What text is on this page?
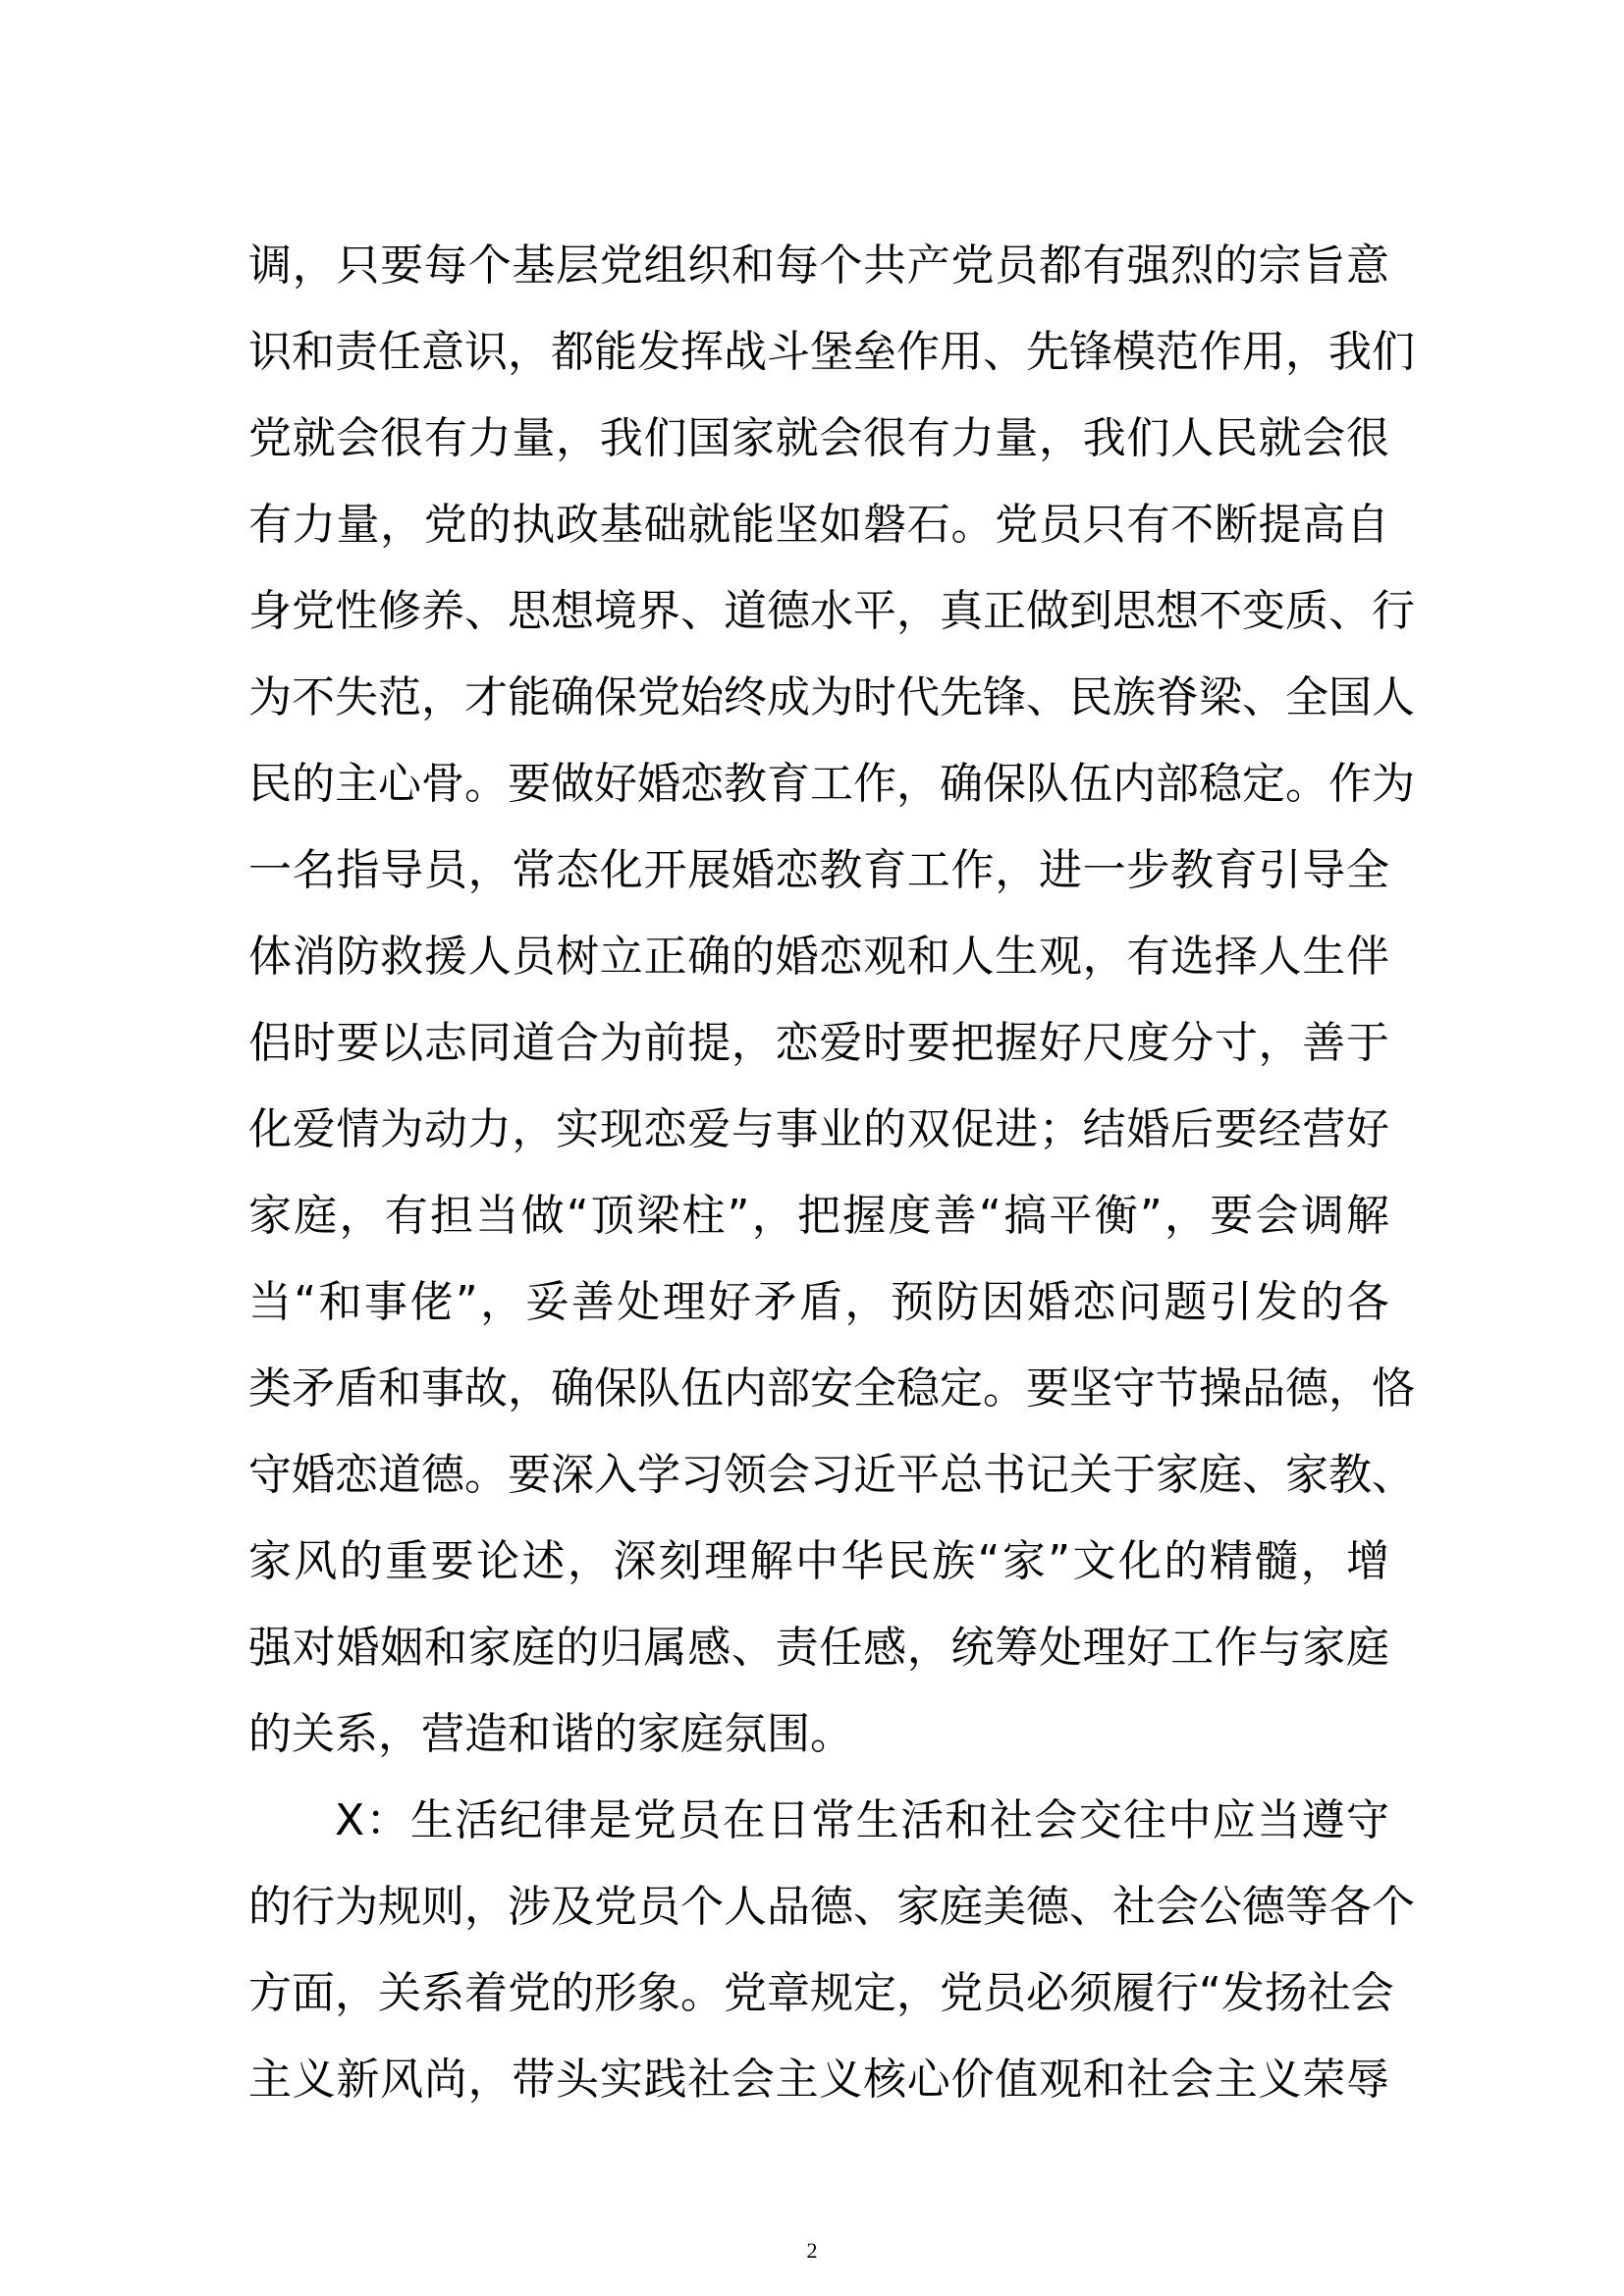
调，只要每个基层党组织和每个共产党员都有强烈的宗旨意
识和责任意识，都能发挥战斗堡垒作用、先锋模范作用，我们
党就会很有力量，我们国家就会很有力量，我们人民就会很
有力量，党的执政基础就能坚如磐石。党员只有不断提高自
身党性修养、思想境界、道德水平，真正做到思想不变质、行
为不失范，才能确保党始终成为时代先锋、民族脊梁、全国人
民的主心骨。要做好婚恋教育工作，确保队伍内部稳定。作为
一名指导员，常态化开展婚恋教育工作，进一步教育引导全
体消防救援人员树立正确的婚恋观和人生观，有选择人生伴
侣时要以志同道合为前提，恋爱时要把握好尺度分寸，善于
化爱情为动力，实现恋爱与事业的双促进；结婚后要经营好
家庭，有担当做“顶梁柱”，把握度善“搞平衡”，要会调解
当“和事佬”，妥善处理好矛盾，预防因婚恋问题引发的各
类矛盾和事故，确保队伍内部安全稳定。要坚守节操品德，恪
守婚恋道德。要深入学习领会习近平总书记关于家庭、家教、
家风的重要论述，深刻理解中华民族“家”文化的精髓，增
强对婚姻和家庭的归属感、责任感，统筹处理好工作与家庭
的关系，营造和谐的家庭氛围。
X：生活纪律是党员在日常生活和社会交往中应当遵守
的行为规则，涉及党员个人品德、家庭美德、社会公德等各个
方面，关系着党的形象。党章规定，党员必须履行“发扬社会
主义新风尚，带头实践社会主义核心价值观和社会主义荣辱
2
